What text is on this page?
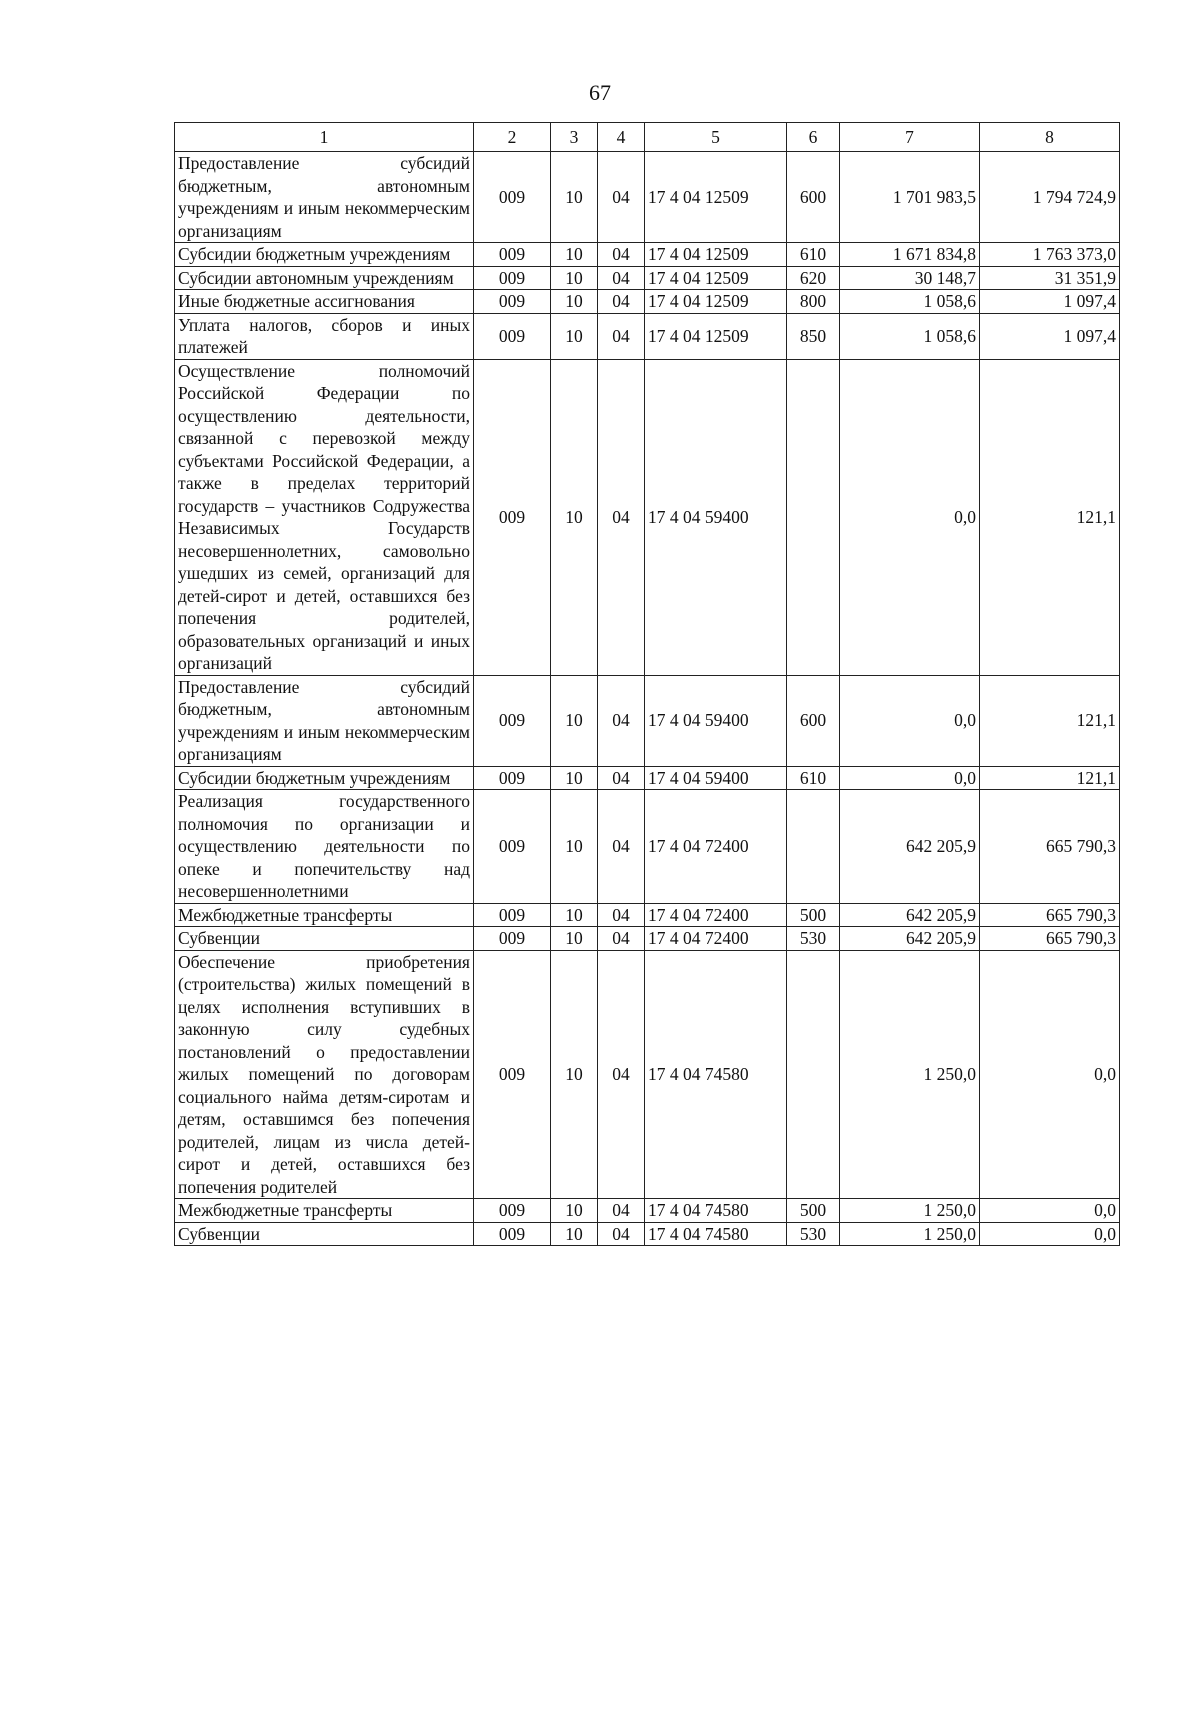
67
1	2	3	4	5	6	7	8
Предоставление субсидий бюджетным, автономным учреждениям и иным некоммерческим организациям	009	10	04	17 4 04 12509	600	1 701 983,5	1 794 724,9
Субсидии бюджетным учреждениям	009	10	04	17 4 04 12509	610	1 671 834,8	1 763 373,0
Субсидии автономным учреждениям	009	10	04	17 4 04 12509	620	30 148,7	31 351,9
Иные бюджетные ассигнования	009	10	04	17 4 04 12509	800	1 058,6	1 097,4
Уплата налогов, сборов и иных платежей	009	10	04	17 4 04 12509	850	1 058,6	1 097,4
Осуществление полномочий Российской Федерации по осуществлению деятельности, связанной с перевозкой между субъектами Российской Федерации, а также в пределах территорий государств – участников Содружества Независимых Государств несовершеннолетних, самовольно ушедших из семей, организаций для детей-сирот и детей, оставшихся без попечения родителей, образовательных организаций и иных организаций	009	10	04	17 4 04 59400		0,0	121,1
Предоставление субсидий бюджетным, автономным учреждениям и иным некоммерческим организациям	009	10	04	17 4 04 59400	600	0,0	121,1
Субсидии бюджетным учреждениям	009	10	04	17 4 04 59400	610	0,0	121,1
Реализация государственного полномочия по организации и осуществлению деятельности по опеке и попечительству над несовершеннолетними	009	10	04	17 4 04 72400		642 205,9	665 790,3
Межбюджетные трансферты	009	10	04	17 4 04 72400	500	642 205,9	665 790,3
Субвенции	009	10	04	17 4 04 72400	530	642 205,9	665 790,3
Обеспечение приобретения (строительства) жилых помещений в целях исполнения вступивших в законную силу судебных постановлений о предоставлении жилых помещений по договорам социального найма детям-сиротам и детям, оставшимся без попечения родителей, лицам из числа детей-сирот и детей, оставшихся без попечения родителей	009	10	04	17 4 04 74580		1 250,0	0,0
Межбюджетные трансферты	009	10	04	17 4 04 74580	500	1 250,0	0,0
Субвенции	009	10	04	17 4 04 74580	530	1 250,0	0,0
